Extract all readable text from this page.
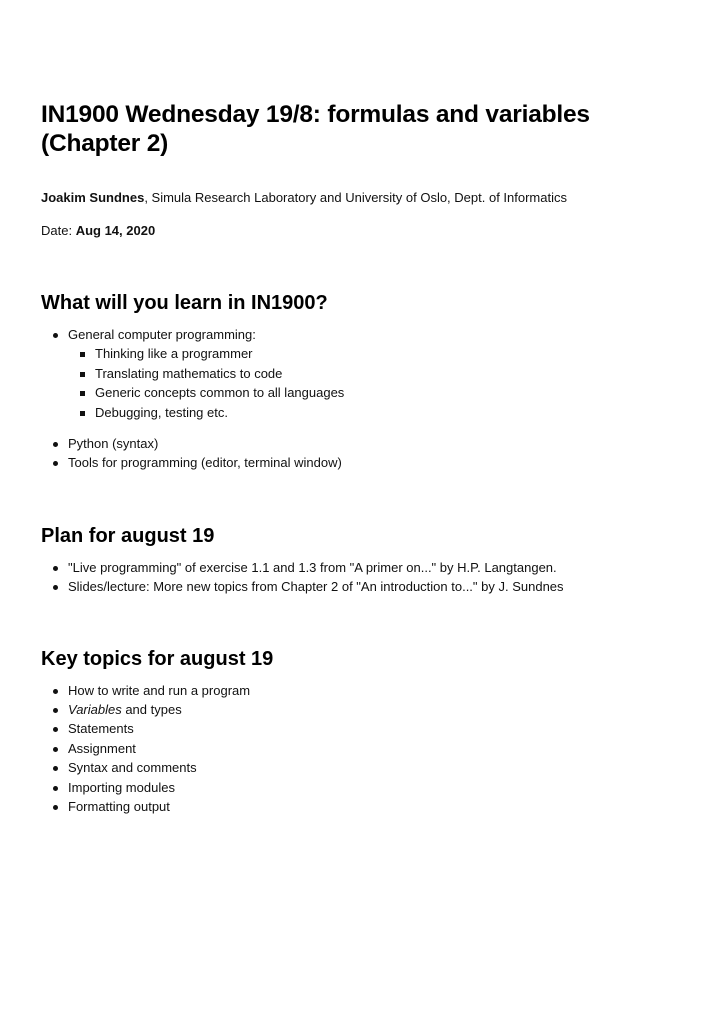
IN1900 Wednesday 19/8: formulas and variables (Chapter 2)

Joakim Sundnes, Simula Research Laboratory and University of Oslo, Dept. of Informatics

Date: Aug 14, 2020

What will you learn in IN1900?
General computer programming:
Thinking like a programmer
Translating mathematics to code
Generic concepts common to all languages
Debugging, testing etc.
Python (syntax)
Tools for programming (editor, terminal window)
Plan for august 19
"Live programming" of exercise 1.1 and 1.3 from "A primer on..." by H.P. Langtangen.
Slides/lecture: More new topics from Chapter 2 of "An introduction to..." by J. Sundnes
Key topics for august 19
How to write and run a program
Variables and types
Statements
Assignment
Syntax and comments
Importing modules
Formatting output
